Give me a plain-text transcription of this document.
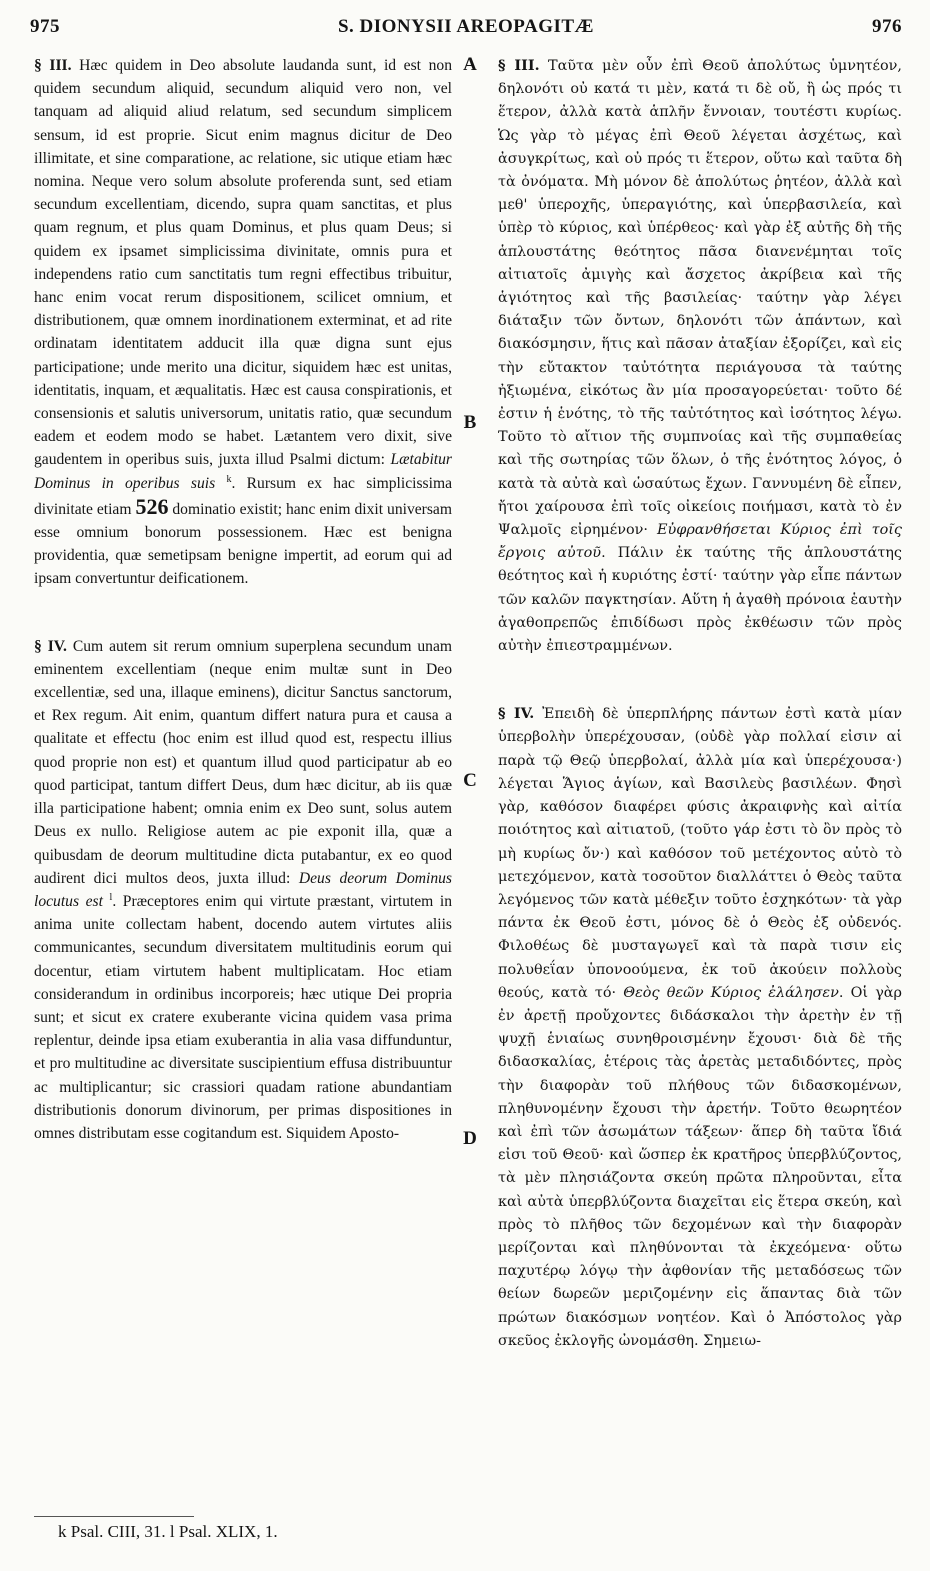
975	S. DIONYSII AREOPAGITÆ	976

§ III. Hæc quidem in Deo absolute laudanda sunt, id est non quidem secundum aliquid, secundum aliquid vero non, vel tanquam ad aliquid aliud relatum, sed secundum simplicem sensum, id est proprie. Sicut enim magnus dicitur de Deo illimitate, et sine comparatione, ac relatione, sic utique etiam hæc nomina. Neque vero solum absolute proferenda sunt, sed etiam secundum excellentiam, dicendo, supra quam sanctitas, et plus quam regnum, et plus quam Dominus, et plus quam Deus; si quidem ex ipsamet simplicissima divinitate, omnis pura et independens ratio cum sanctitatis tum regni effectibus tribuitur, hanc enim vocat rerum dispositionem, scilicet omnium, et distributionem, quæ omnem inordinationem exterminat, et ad rite ordinatam identitatem adducit illa quæ digna sunt ejus participatione; unde merito una dicitur, siquidem hæc est unitas, identitatis, inquam, et æqualitatis. Hæc est causa conspirationis, et consensionis et salutis universorum, unitatis ratio, quæ secundum eadem et eodem modo se habet. Lætantem vero dixit, sive gaudentem in operibus suis, juxta illud Psalmi dictum: Lætabitur Dominus in operibus suis $^k$. Rursum ex hac simplicissima divinitate etiam 526 dominatio existit; hanc enim dixit universam esse omnium bonorum possessionem. Hæc est benigna providentia, quæ semetipsam benigne impertit, ad eorum qui ad ipsam convertuntur deificationem.

§ IV. Cum autem sit rerum omnium superplena secundum unam eminentem excellentiam (neque enim multæ sunt in Deo excellentiæ, sed una, illaque eminens), dicitur Sanctus sanctorum, et Rex regum. Ait enim, quantum differt natura pura et causa a qualitate et effectu (hoc enim est illud quod est, respectu illius quod proprie non est) et quantum illud quod participatur ab eo quod participat, tantum differt Deus, dum hæc dicitur, ab iis quæ illa participatione habent; omnia enim ex Deo sunt, solus autem Deus ex nullo. Religiose autem ac pie exponit illa, quæ a quibusdam de deorum multitudine dicta putabantur, ex eo quod audirent dici multos deos, juxta illud: Deus deorum Dominus locutus est $^l$. Præceptores enim qui virtute præstant, virtutem in anima unite collectam habent, docendo autem virtutes aliis communicantes, secundum diversitatem multitudinis eorum qui docentur, etiam virtutem habent multiplicatam. Hoc etiam considerandum in ordinibus incorporeis; hæc utique Dei propria sunt; et sicut ex cratere exuberante vicina quidem vasa prima replentur, deinde ipsa etiam exuberantia in alia vasa diffunduntur, et pro multitudine ac diversitate suscipientium effusa distribuuntur ac multiplicantur; sic crassiori quadam ratione abundantiam distributionis donorum divinorum, per primas dispositiones in omnes distributam esse cogitandum est. Siquidem Aposto-

A
B
C
D

§ III. Ταῦτα μὲν οὖν ἐπὶ Θεοῦ ἀπολύτως ὑμνητέον, δηλονότι οὐ κατά τι μὲν, κατά τι δὲ οὔ, ἢ ὡς πρός τι ἕτερον, ἀλλὰ κατὰ ἁπλῆν ἔννοιαν, τουτέστι κυρίως. Ὡς γὰρ τὸ μέγας ἐπὶ Θεοῦ λέγεται ἀσχέτως, καὶ ἀσυγκρίτως, καὶ οὐ πρός τι ἕτερον, οὕτω καὶ ταῦτα δὴ τὰ ὀνόματα. Μὴ μόνον δὲ ἀπολύτως ῥητέον, ἀλλὰ καὶ μεθ' ὑπεροχῆς, ὑπεραγιότης, καὶ ὑπερβασιλεία, καὶ ὑπὲρ τὸ κύριος, καὶ ὑπέρθεος· καὶ γὰρ ἐξ αὐτῆς δὴ τῆς ἁπλουστάτης θεότητος πᾶσα διανενέμηται τοῖς αἰτιατοῖς ἀμιγὴς καὶ ἄσχετος ἀκρίβεια καὶ τῆς ἁγιότητος καὶ τῆς βασιλείας· ταύτην γὰρ λέγει διάταξιν τῶν ὄντων, δηλονότι τῶν ἁπάντων, καὶ διακόσμησιν, ἥτις καὶ πᾶσαν ἀταξίαν ἐξορίζει, καὶ εἰς τὴν εὔτακτον ταὐτότητα περιάγουσα τὰ ταύτης ἠξιωμένα, εἰκότως ἂν μία προσαγορεύεται· τοῦτο δέ ἐστιν ἡ ἑνότης, τὸ τῆς ταὐτότητος καὶ ἰσότητος λέγω. Τοῦτο τὸ αἴτιον τῆς συμπνοίας καὶ τῆς συμπαθείας καὶ τῆς σωτηρίας τῶν ὅλων, ὁ τῆς ἑνότητος λόγος, ὁ κατὰ τὰ αὐτὰ καὶ ὡσαύτως ἔχων. Γαννυμένη δὲ εἶπεν, ἤτοι χαίρουσα ἐπὶ τοῖς οἰκείοις ποιήμασι, κατὰ τὸ ἐν Ψαλμοῖς εἰρημένον· Εὐφρανθήσεται Κύριος ἐπὶ τοῖς ἔργοις αὐτοῦ. Πάλιν ἐκ ταύτης τῆς ἁπλουστάτης θεότητος καὶ ἡ κυριότης ἐστί· ταύτην γὰρ εἶπε πάντων τῶν καλῶν παγκτησίαν. Αὕτη ἡ ἀγαθὴ πρόνοια ἑαυτὴν ἀγαθοπρεπῶς ἐπιδίδωσι πρὸς ἐκθέωσιν τῶν πρὸς αὐτὴν ἐπιεστραμμένων.

§ IV. Ἐπειδὴ δὲ ὑπερπλήρης πάντων ἐστὶ κατὰ μίαν ὑπερβολὴν ὑπερέχουσαν, (οὐδὲ γὰρ πολλαί εἰσιν αἱ παρὰ τῷ Θεῷ ὑπερβολαί, ἀλλὰ μία καὶ ὑπερέχουσα·) λέγεται Ἅγιος ἁγίων, καὶ Βασιλεὺς βασιλέων. Φησὶ γὰρ, καθόσον διαφέρει φύσις ἀκραιφνὴς καὶ αἰτία ποιότητος καὶ αἰτιατοῦ, (τοῦτο γάρ ἐστι τὸ ὂν πρὸς τὸ μὴ κυρίως ὄν·) καὶ καθόσον τοῦ μετέχοντος αὐτὸ τὸ μετεχόμενον, κατὰ τοσοῦτον διαλλάττει ὁ Θεὸς ταῦτα λεγόμενος τῶν κατὰ μέθεξιν τοῦτο ἐσχηκότων· τὰ γὰρ πάντα ἐκ Θεοῦ ἐστι, μόνος δὲ ὁ Θεὸς ἐξ οὐδενός. Φιλοθέως δὲ μυσταγωγεῖ καὶ τὰ παρὰ τισιν εἰς πολυθεΐαν ὑπονοούμενα, ἐκ τοῦ ἀκούειν πολλοὺς θεούς, κατὰ τό· Θεὸς θεῶν Κύριος ἐλάλησεν. Οἱ γὰρ ἐν ἀρετῇ προὔχοντες διδάσκαλοι τὴν ἀρετὴν ἐν τῇ ψυχῇ ἑνιαίως συνηθροισμένην ἔχουσι· διὰ δὲ τῆς διδασκαλίας, ἑτέροις τὰς ἀρετὰς μεταδιδόντες, πρὸς τὴν διαφορὰν τοῦ πλήθους τῶν διδασκομένων, πληθυνομένην ἔχουσι τὴν ἀρετήν. Τοῦτο θεωρητέον καὶ ἐπὶ τῶν ἀσωμάτων τάξεων· ἅπερ δὴ ταῦτα ἴδιά εἰσι τοῦ Θεοῦ· καὶ ὥσπερ ἐκ κρατῆρος ὑπερβλύζοντος, τὰ μὲν πλησιάζοντα σκεύη πρῶτα πληροῦνται, εἶτα καὶ αὐτὰ ὑπερβλύζοντα διαχεῖται εἰς ἕτερα σκεύη, καὶ πρὸς τὸ πλῆθος τῶν δεχομένων καὶ τὴν διαφορὰν μερίζονται καὶ πληθύνονται τὰ ἐκχεόμενα· οὕτω παχυτέρῳ λόγῳ τὴν ἀφθονίαν τῆς μεταδόσεως τῶν θείων δωρεῶν μεριζομένην εἰς ἅπαντας διὰ τῶν πρώτων διακόσμων νοητέον. Καὶ ὁ Ἀπόστολος γὰρ σκεῦος ἐκλογῆς ὠνομάσθη. Σημειω-

k Psal. CIII, 31. l Psal. XLIX, 1.
